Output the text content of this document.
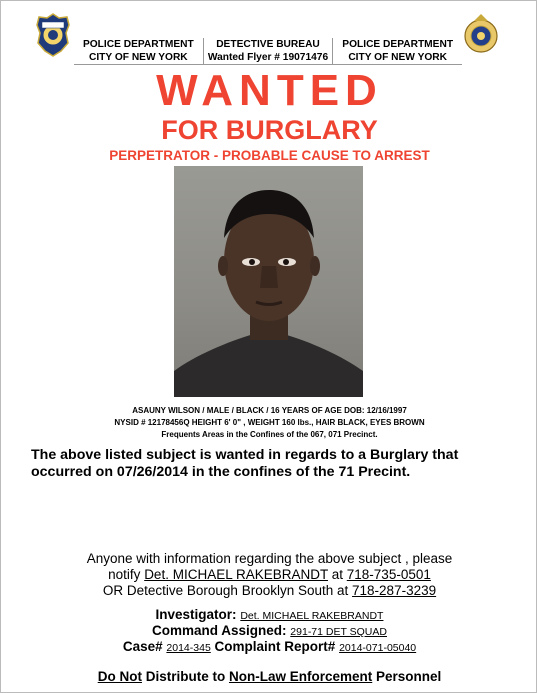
POLICE DEPARTMENT
CITY OF NEW YORK
DETECTIVE BUREAU
Wanted Flyer # 19071476
POLICE DEPARTMENT
CITY OF NEW YORK
WANTED
FOR BURGLARY
PERPETRATOR - PROBABLE CAUSE TO ARREST
ASAUNY WILSON / MALE / BLACK / 16 YEARS OF AGE DOB: 12/16/1997
NYSID # 12178456Q HEIGHT 6' 0" , WEIGHT 160 lbs., HAIR BLACK, EYES BROWN
Frequents Areas in the Confines of the 067, 071 Precinct.
The above listed subject is wanted in regards to a Burglary that occurred on 07/26/2014 in the confines of the 71 Precint.
Anyone with information regarding the above subject , please
notify Det. MICHAEL RAKEBRANDT at 718-735-0501
OR Detective Borough Brooklyn South at 718-287-3239
Investigator: Det. MICHAEL RAKEBRANDT
Command Assigned: 291-71 DET SQUAD
Case# 2014-345 Complaint Report# 2014-071-05040
Do Not Distribute to Non-Law Enforcement Personnel
